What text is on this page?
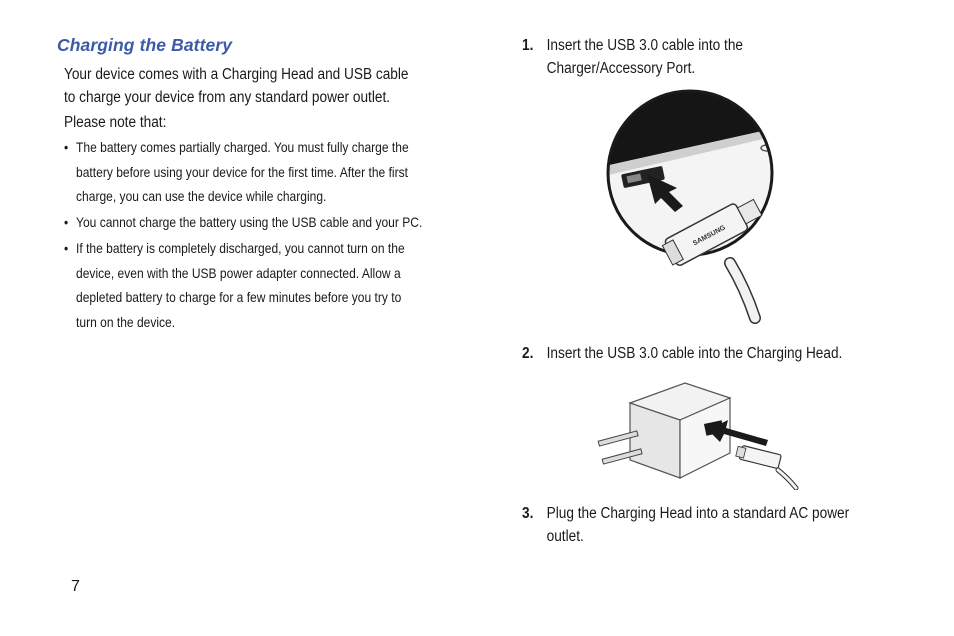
Charging the Battery
Your device comes with a Charging Head and USB cable to charge your device from any standard power outlet.
Please note that:
• The battery comes partially charged. You must fully charge the battery before using your device for the first time. After the first charge, you can use the device while charging.
• You cannot charge the battery using the USB cable and your PC.
• If the battery is completely discharged, you cannot turn on the device, even with the USB power adapter connected. Allow a depleted battery to charge for a few minutes before you try to turn on the device.
7
1. Insert the USB 3.0 cable into the Charger/Accessory Port.
SAMSUNG
2. Insert the USB 3.0 cable into the Charging Head.
3. Plug the Charging Head into a standard AC power outlet.
